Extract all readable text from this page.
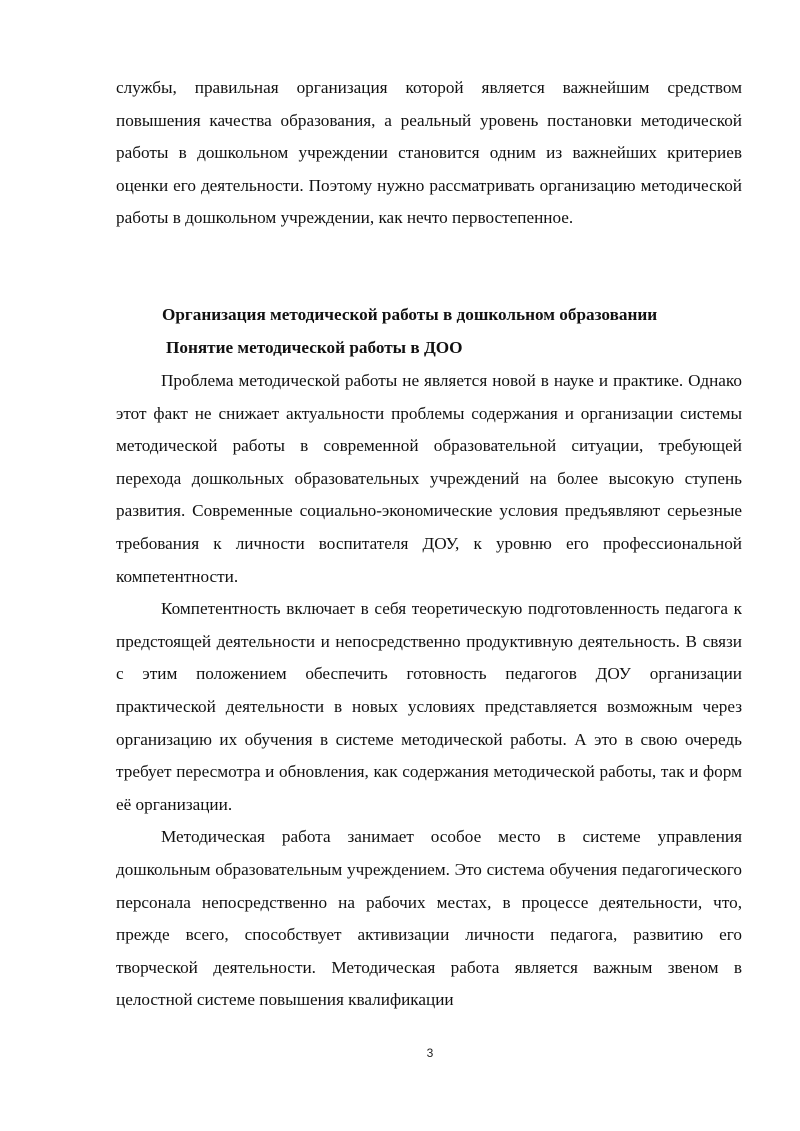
службы, правильная организация которой является важнейшим средством повышения качества образования, а реальный уровень постановки методической работы в дошкольном учреждении становится одним из важнейших критериев оценки его деятельности. Поэтому нужно рассматривать организацию методической работы в дошкольном учреждении, как нечто первостепенное.

Организация методической работы в дошкольном образовании

Понятие методической работы в ДОО

Проблема методической работы не является новой в науке и практике. Однако этот факт не снижает актуальности проблемы содержания и организации системы методической работы в современной образовательной ситуации, требующей перехода дошкольных образовательных учреждений на более высокую ступень развития. Современные социально-экономические условия предъявляют серьезные требования к личности воспитателя ДОУ, к уровню его профессиональной компетентности.

Компетентность включает в себя теоретическую подготовленность педагога к предстоящей деятельности и непосредственно продуктивную деятельность. В связи с этим положением обеспечить готовность педагогов ДОУ организации практической деятельности в новых условиях представляется возможным через организацию их обучения в системе методической работы. А это в свою очередь требует пересмотра и обновления, как содержания методической работы, так и форм её организации.

Методическая работа занимает особое место в системе управления дошкольным образовательным учреждением. Это система обучения педагогического персонала непосредственно на рабочих местах, в процессе деятельности, что, прежде всего, способствует активизации личности педагога, развитию его творческой деятельности. Методическая работа является важным звеном в целостной системе повышения квалификации

3
